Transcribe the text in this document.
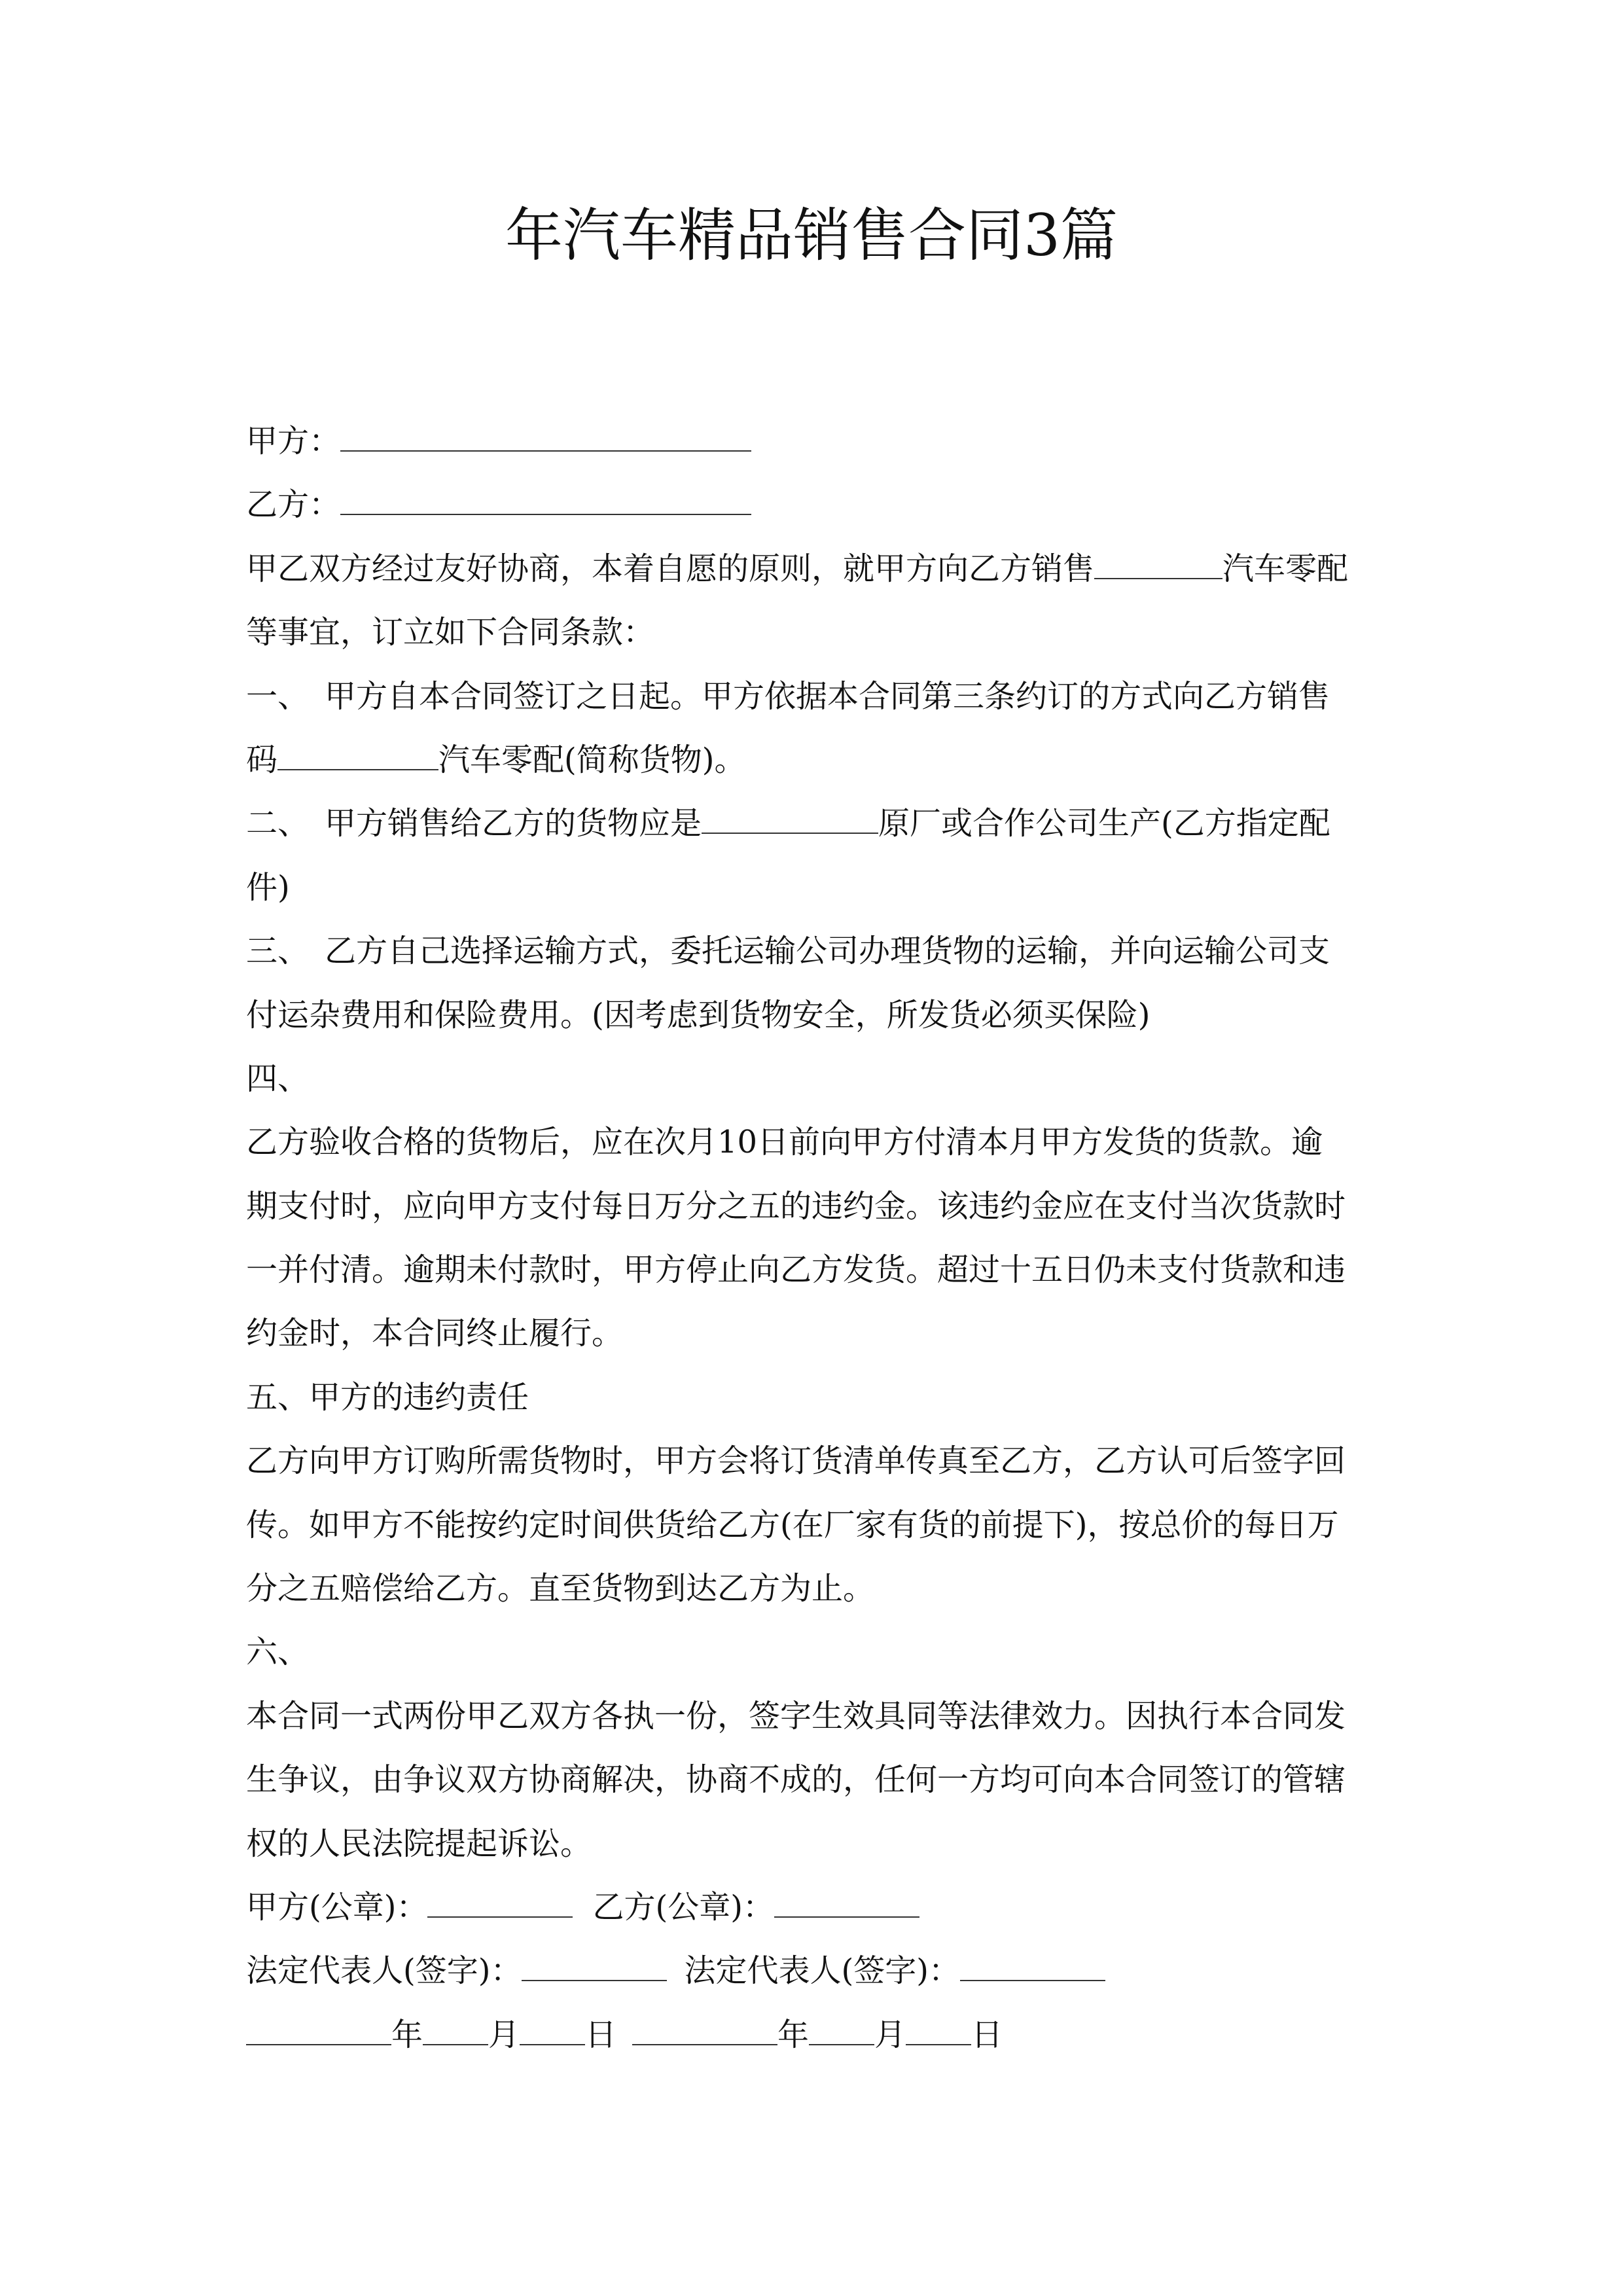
年汽车精品销售合同3篇
甲方：
乙方：
甲乙双方经过友好协商，本着自愿的原则，就甲方向乙方销售	汽车零配
等事宜，订立如下合同条款：
一、 甲方自本合同签订之日起。甲方依据本合同第三条约订的方式向乙方销售
码	汽车零配(简称货物)。
二、 甲方销售给乙方的货物应是	原厂或合作公司生产(乙方指定配
件)
三、 乙方自己选择运输方式，委托运输公司办理货物的运输，并向运输公司支
付运杂费用和保险费用。(因考虑到货物安全，所发货必须买保险)
四、
乙方验收合格的货物后，应在次月10日前向甲方付清本月甲方发货的货款。逾
期支付时，应向甲方支付每日万分之五的违约金。该违约金应在支付当次货款时
一并付清。逾期未付款时，甲方停止向乙方发货。超过十五日仍未支付货款和违
约金时，本合同终止履行。
五、甲方的违约责任
乙方向甲方订购所需货物时，甲方会将订货清单传真至乙方，乙方认可后签字回
传。如甲方不能按约定时间供货给乙方(在厂家有货的前提下)，按总价的每日万
分之五赔偿给乙方。直至货物到达乙方为止。
六、
本合同一式两份甲乙双方各执一份，签字生效具同等法律效力。因执行本合同发
生争议，由争议双方协商解决，协商不成的，任何一方均可向本合同签订的管辖
权的人民法院提起诉讼。
甲方(公章)：	乙方(公章)：
法定代表人(签字)：	法定代表人(签字)：
年 月 日	年 月 日
